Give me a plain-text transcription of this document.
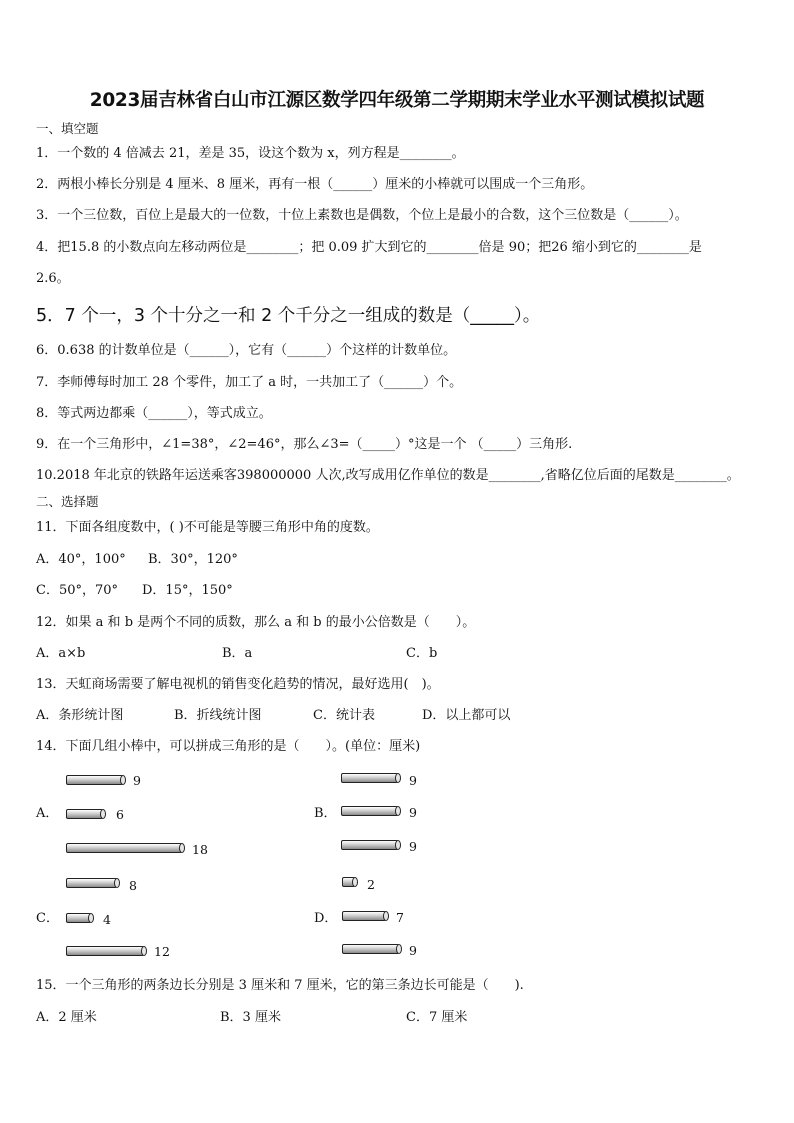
2023届吉林省白山市江源区数学四年级第二学期期末学业水平测试模拟试题
一、填空题
1．一个数的 4 倍减去 21，差是 35，设这个数为 x，列方程是________。
2．两根小棒长分别是 4 厘米、8 厘米，再有一根（______）厘米的小棒就可以围成一个三角形。
3．一个三位数，百位上是最大的一位数，十位上素数也是偶数，个位上是最小的合数，这个三位数是（______）。
4．把15.8 的小数点向左移动两位是________；把 0.09 扩大到它的________倍是 90；把26 缩小到它的________是
2.6。
5．7 个一，3 个十分之一和 2 个千分之一组成的数是（_____）。
6．0.638 的计数单位是（______），它有（______）个这样的计数单位。
7．李师傅每时加工 28 个零件，加工了 a 时，一共加工了（______）个。
8．等式两边都乘（______），等式成立。
9．在一个三角形中，∠1=38°，∠2=46°，那么∠3=（_____）°这是一个 （_____）三角形.
10.2018 年北京的铁路年运送乘客398000000 人次,改写成用亿作单位的数是________,省略亿位后面的尾数是________。
二、选择题
11．下面各组度数中，( )不可能是等腰三角形中角的度数。
A．40°，100° B．30°，120°
C．50°，70° D．15°，150°
12．如果 a 和 b 是两个不同的质数，那么 a 和 b 的最小公倍数是（　　）。
A．a×b	B．a	C．b
13．天虹商场需要了解电视机的销售变化趋势的情况，最好选用(　)。
A．条形统计图	B．折线统计图	C．统计表	D．以上都可以
14．下面几组小棒中，可以拼成三角形的是（　　）。(单位：厘米)
A．
9
6
18
B．
9
9
9
C．
8
4
12
D．
2
7
9
15．一个三角形的两条边长分别是 3 厘米和 7 厘米，它的第三条边长可能是（　　).
A．2 厘米	B．3 厘米	C．7 厘米
